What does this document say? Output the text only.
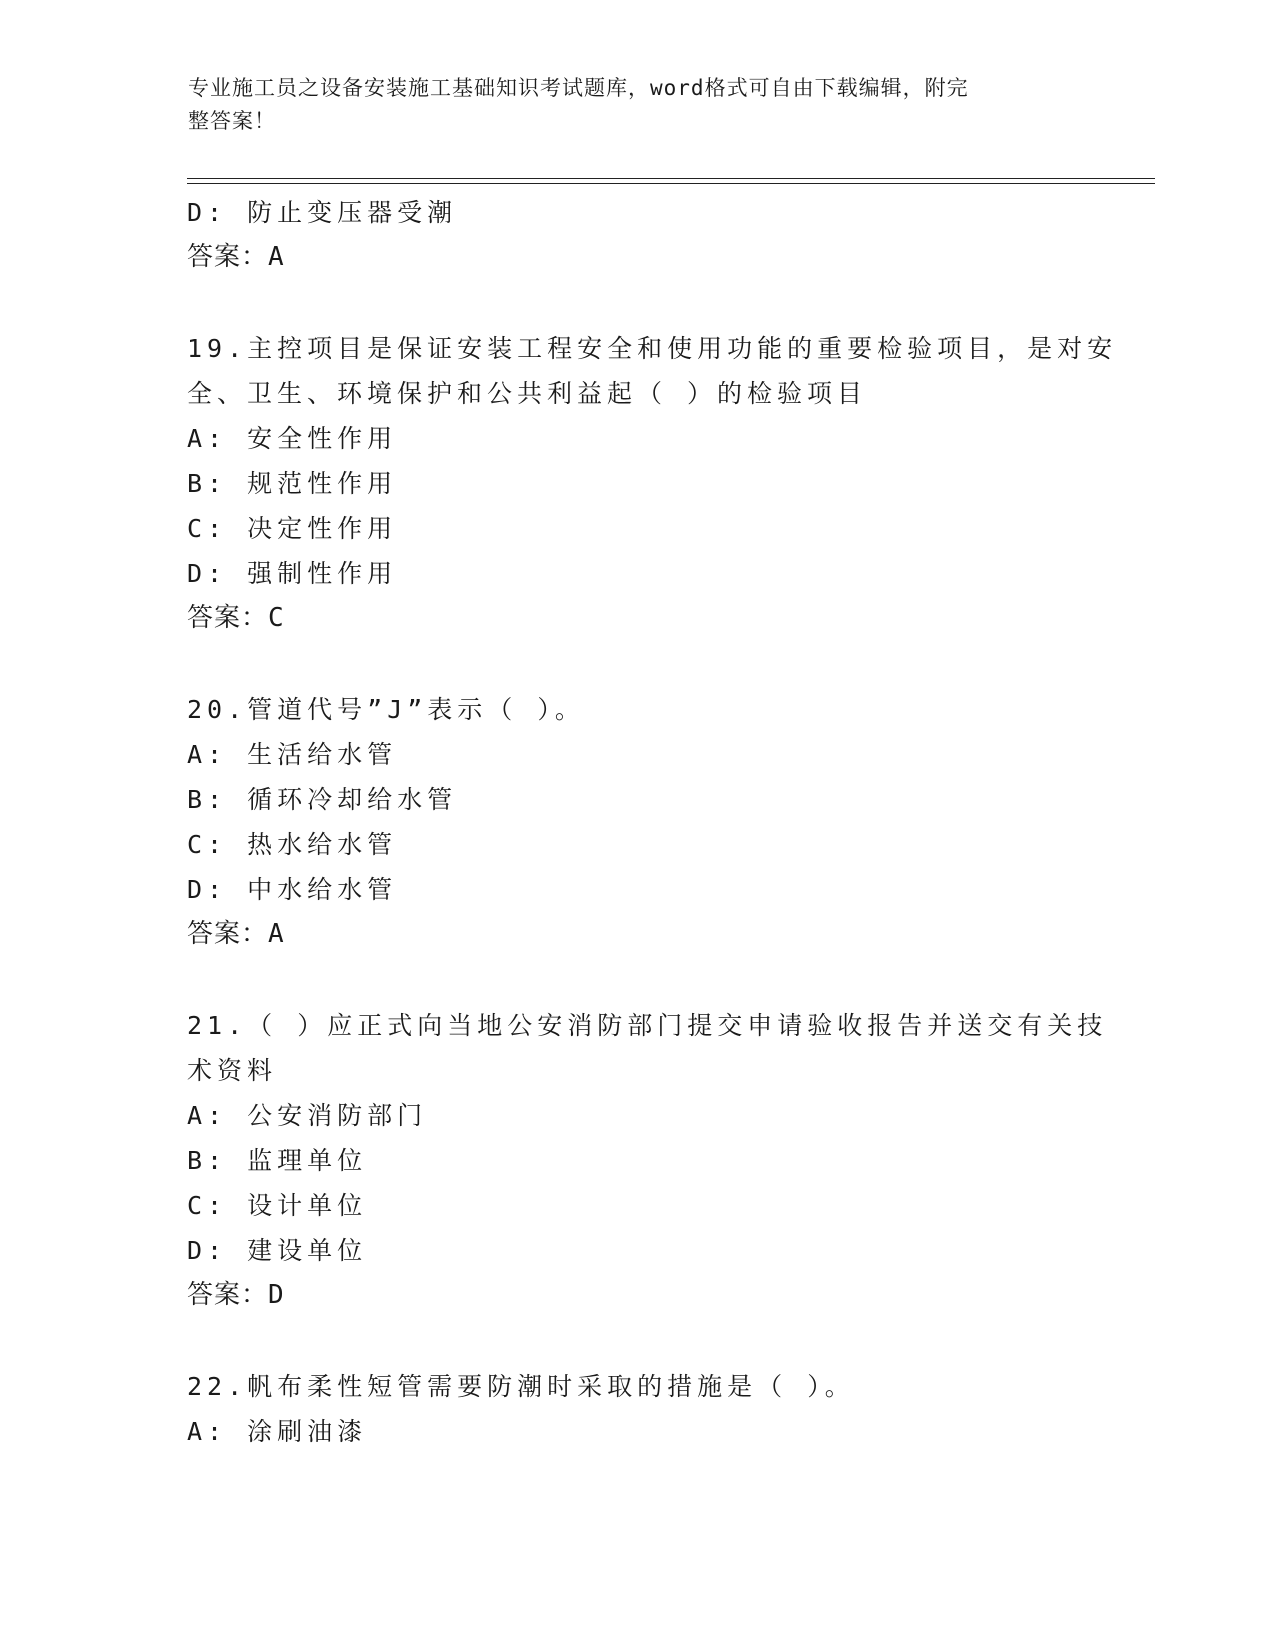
专业施工员之设备安装施工基础知识考试题库，word格式可自由下载编辑，附完
整答案！
D: 防止变压器受潮
答案：A
19.主控项目是保证安装工程安全和使用功能的重要检验项目，是对安
全、卫生、环境保护和公共利益起（ ）的检验项目
A: 安全性作用
B: 规范性作用
C: 决定性作用
D: 强制性作用
答案：C
20.管道代号”J”表示（ ）。
A: 生活给水管
B: 循环冷却给水管
C: 热水给水管
D: 中水给水管
答案：A
21.（ ）应正式向当地公安消防部门提交申请验收报告并送交有关技
术资料
A: 公安消防部门
B: 监理单位
C: 设计单位
D: 建设单位
答案：D
22.帆布柔性短管需要防潮时采取的措施是（ ）。
A: 涂刷油漆
